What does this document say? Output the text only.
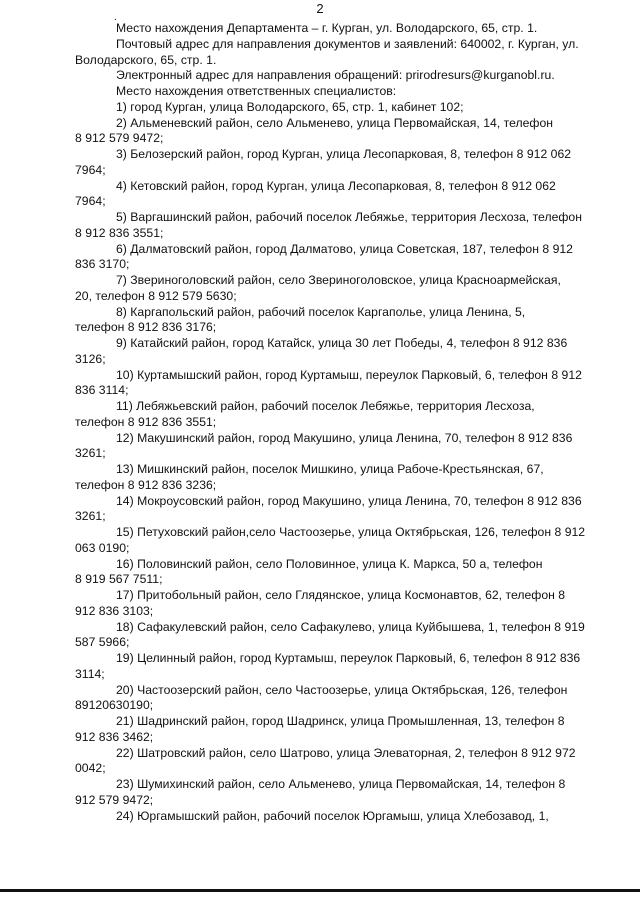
2
.
Место нахождения Департамента – г. Курган, ул. Володарского, 65, стр. 1.
Почтовый адрес для направления документов и заявлений: 640002, г. Курган, ул.
Володарского, 65, стр. 1.
Электронный адрес для направления обращений: prirodresurs@kurganobl.ru.
Место нахождения ответственных специалистов:
1) город Курган, улица Володарского, 65, стр. 1, кабинет 102;
2) Альменевский район, село Альменево, улица Первомайская, 14, телефон
8 912 579 9472;
3) Белозерский район, город Курган, улица Лесопарковая, 8, телефон 8 912 062
7964;
4) Кетовский район, город Курган, улица Лесопарковая, 8, телефон 8 912 062
7964;
5) Варгашинский район, рабочий поселок Лебяжье, территория Лесхоза, телефон
8 912 836 3551;
6) Далматовский район, город Далматово, улица Советская, 187, телефон 8 912
836 3170;
7) Звериноголовский район, село Звериноголовское, улица Красноармейская,
20, телефон 8 912 579 5630;
8) Каргапольский район, рабочий поселок Каргаполье, улица Ленина, 5,
телефон 8 912 836 3176;
9) Катайский район, город Катайск, улица 30 лет Победы, 4, телефон 8 912 836
3126;
10) Куртамышский район, город Куртамыш, переулок Парковый, 6, телефон 8 912
836 3114;
11) Лебяжьевский район, рабочий поселок Лебяжье, территория Лесхоза,
телефон 8 912 836 3551;
12) Макушинский район, город Макушино, улица Ленина, 70, телефон 8 912 836
3261;
13) Мишкинский район, поселок Мишкино, улица Рабоче-Крестьянская, 67,
телефон 8 912 836 3236;
14) Мокроусовский район, город Макушино, улица Ленина, 70, телефон 8 912 836
3261;
15) Петуховский район,село Частоозерье, улица Октябрьская, 126, телефон 8 912
063 0190;
16) Половинский район, село Половинное, улица К. Маркса, 50 а, телефон
8 919 567 7511;
17) Притобольный район, село Глядянское, улица Космонавтов, 62, телефон 8
912 836 3103;
18) Сафакулевский район, село Сафакулево, улица Куйбышева, 1, телефон 8 919
587 5966;
19) Целинный район, город Куртамыш, переулок Парковый, 6, телефон 8 912 836
3114;
20) Частоозерский район, село Частоозерье, улица Октябрьская, 126, телефон
89120630190;
21) Шадринский район, город Шадринск, улица Промышленная, 13, телефон 8
912 836 3462;
22) Шатровский район, село Шатрово, улица Элеваторная, 2, телефон 8 912 972
0042;
23) Шумихинский район, село Альменево, улица Первомайская, 14, телефон 8
912 579 9472;
24) Юргамышский район, рабочий поселок Юргамыш, улица Хлебозавод, 1,
